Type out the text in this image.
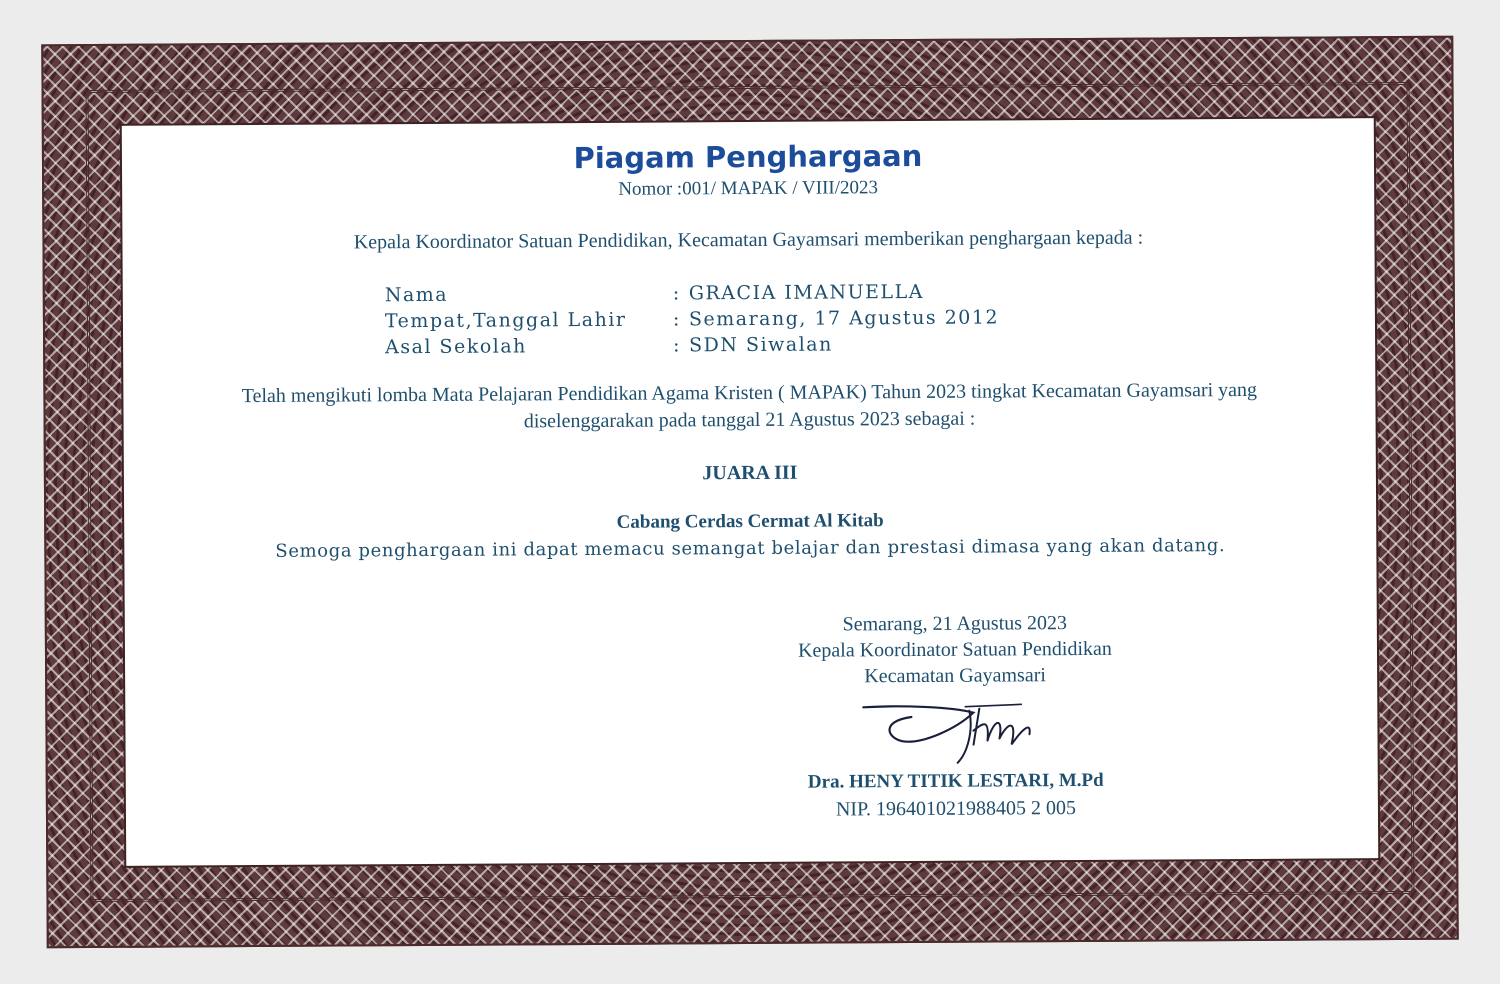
Piagam Penghargaan
Nomor :001/ MAPAK / VIII/2023
Kepala Koordinator Satuan Pendidikan, Kecamatan Gayamsari memberikan penghargaan kepada :
Nama	: GRACIA IMANUELLA
Tempat,Tanggal Lahir : Semarang, 17 Agustus 2012
Asal Sekolah	: SDN Siwalan
Telah mengikuti lomba Mata Pelajaran Pendidikan Agama Kristen ( MAPAK) Tahun 2023 tingkat Kecamatan Gayamsari yang
diselenggarakan pada tanggal 21 Agustus 2023 sebagai :
JUARA III
Cabang Cerdas Cermat Al Kitab
Semoga penghargaan ini dapat memacu semangat belajar dan prestasi dimasa yang akan datang.
Semarang, 21 Agustus 2023
Kepala Koordinator Satuan Pendidikan
Kecamatan Gayamsari
Dra. HENY TITIK LESTARI, M.Pd
NIP. 196401021988405 2 005
